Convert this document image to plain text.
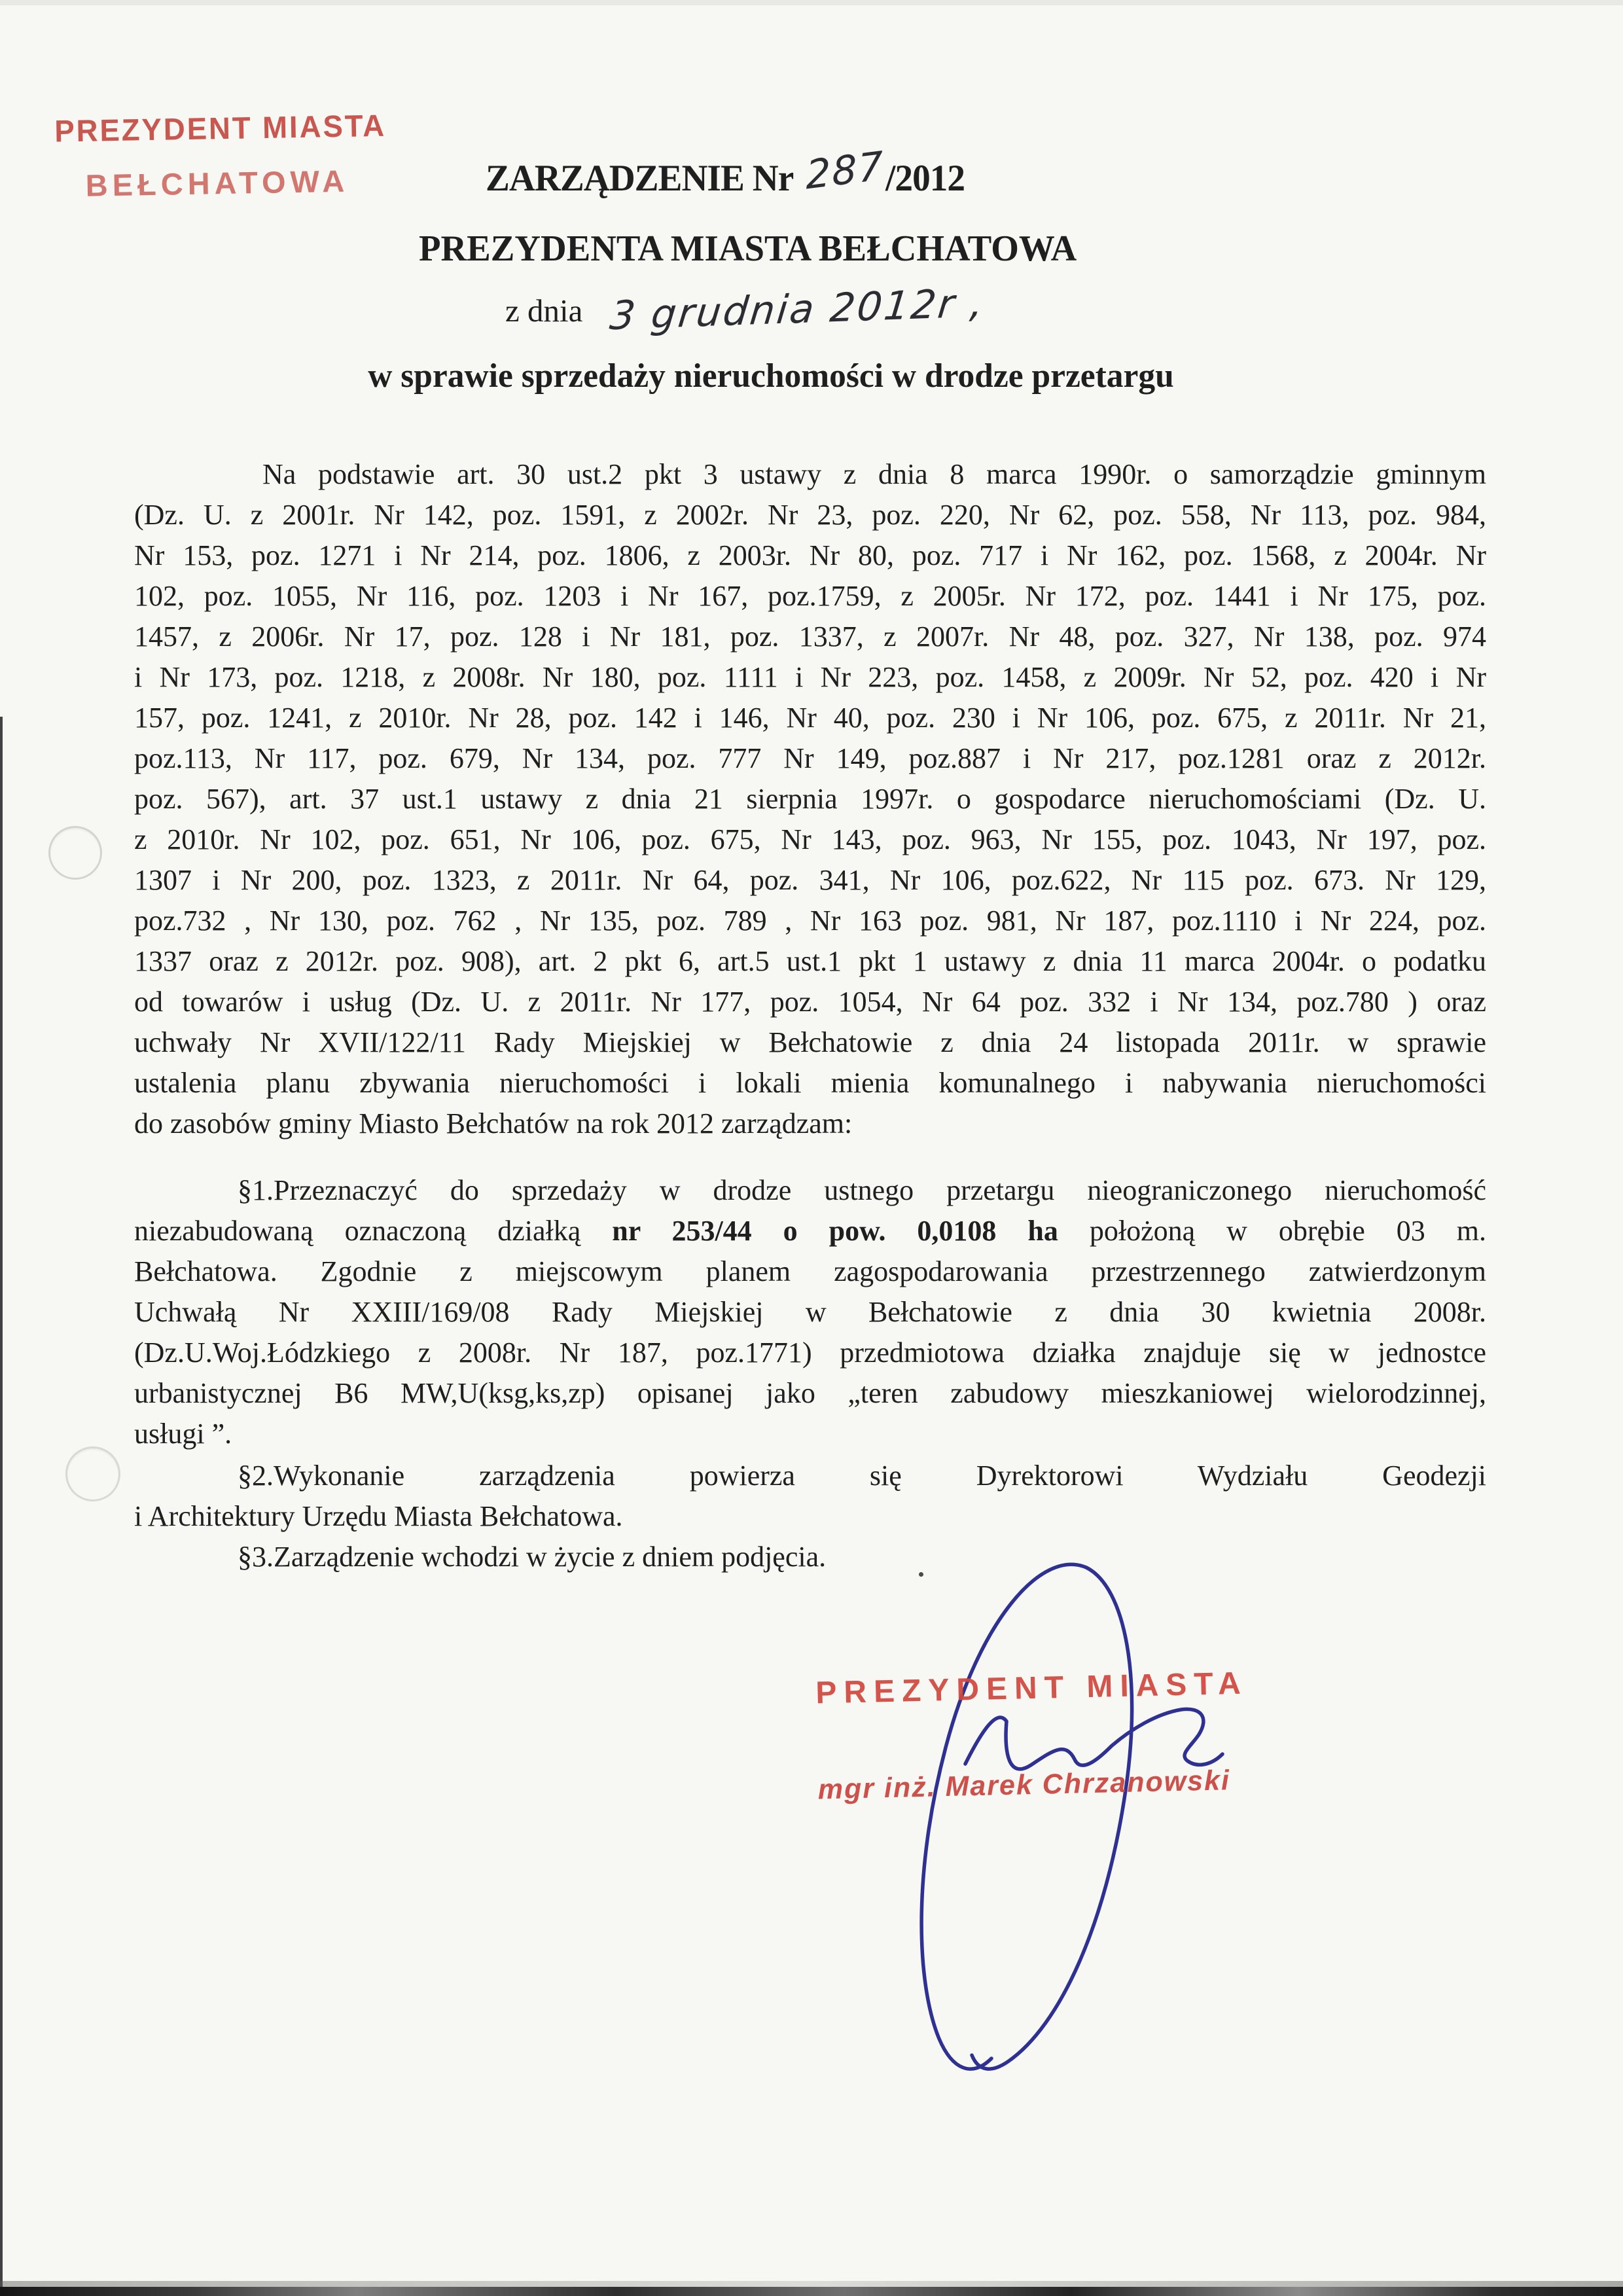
PREZYDENT MIASTA
BEŁCHATOWA	ZARZĄDZENIE Nr 287 /2012
PREZYDENTA MIASTA BEŁCHATOWA
z dnia 3 grudnia 2012r ,
w sprawie sprzedaży nieruchomości w drodze przetargu
Na podstawie art. 30 ust.2 pkt 3 ustawy z dnia 8 marca 1990r. o samorządzie gminnym
(Dz. U. z 2001r. Nr 142, poz. 1591, z 2002r. Nr 23, poz. 220, Nr 62, poz. 558, Nr 113, poz. 984,
Nr 153, poz. 1271 i Nr 214, poz. 1806, z 2003r. Nr 80, poz. 717 i Nr 162, poz. 1568, z 2004r. Nr
102, poz. 1055, Nr 116, poz. 1203 i Nr 167, poz.1759, z 2005r. Nr 172, poz. 1441 i Nr 175, poz.
1457, z 2006r. Nr 17, poz. 128 i Nr 181, poz. 1337, z 2007r. Nr 48, poz. 327, Nr 138, poz. 974
i Nr 173, poz. 1218, z 2008r. Nr 180, poz. 1111 i Nr 223, poz. 1458, z 2009r. Nr 52, poz. 420 i Nr
157, poz. 1241, z 2010r. Nr 28, poz. 142 i 146, Nr 40, poz. 230 i Nr 106, poz. 675, z 2011r. Nr 21,
poz.113, Nr 117, poz. 679, Nr 134, poz. 777 Nr 149, poz.887 i Nr 217, poz.1281 oraz z 2012r.
poz. 567), art. 37 ust.1 ustawy z dnia 21 sierpnia 1997r. o gospodarce nieruchomościami (Dz. U.
z 2010r. Nr 102, poz. 651, Nr 106, poz. 675, Nr 143, poz. 963, Nr 155, poz. 1043, Nr 197, poz.
1307 i Nr 200, poz. 1323, z 2011r. Nr 64, poz. 341, Nr 106, poz.622, Nr 115 poz. 673. Nr 129,
poz.732 , Nr 130, poz. 762 , Nr 135, poz. 789 , Nr 163 poz. 981, Nr 187, poz.1110 i Nr 224, poz.
1337 oraz z 2012r. poz. 908), art. 2 pkt 6, art.5 ust.1 pkt 1 ustawy z dnia 11 marca 2004r. o podatku
od towarów i usług (Dz. U. z 2011r. Nr 177, poz. 1054, Nr 64 poz. 332 i Nr 134, poz.780 ) oraz
uchwały Nr XVII/122/11 Rady Miejskiej w Bełchatowie z dnia 24 listopada 2011r. w sprawie
ustalenia planu zbywania nieruchomości i lokali mienia komunalnego i nabywania nieruchomości
do zasobów gminy Miasto Bełchatów na rok 2012 zarządzam:
§1.Przeznaczyć do sprzedaży w drodze ustnego przetargu nieograniczonego nieruchomość
niezabudowaną oznaczoną działką nr 253/44 o pow. 0,0108 ha położoną w obrębie 03 m.
Bełchatowa. Zgodnie z miejscowym planem zagospodarowania przestrzennego zatwierdzonym
Uchwałą Nr XXIII/169/08 Rady Miejskiej w Bełchatowie z dnia 30 kwietnia 2008r.
(Dz.U.Woj.Łódzkiego z 2008r. Nr 187, poz.1771) przedmiotowa działka znajduje się w jednostce
urbanistycznej B6 MW,U(ksg,ks,zp) opisanej jako „teren zabudowy mieszkaniowej wielorodzinnej,
usługi ”.
§2.Wykonanie zarządzenia powierza się Dyrektorowi Wydziału Geodezji
i Architektury Urzędu Miasta Bełchatowa.
§3.Zarządzenie wchodzi w życie z dniem podjęcia.
PREZYDENT MIASTA
mgr inż. Marek Chrzanowski
